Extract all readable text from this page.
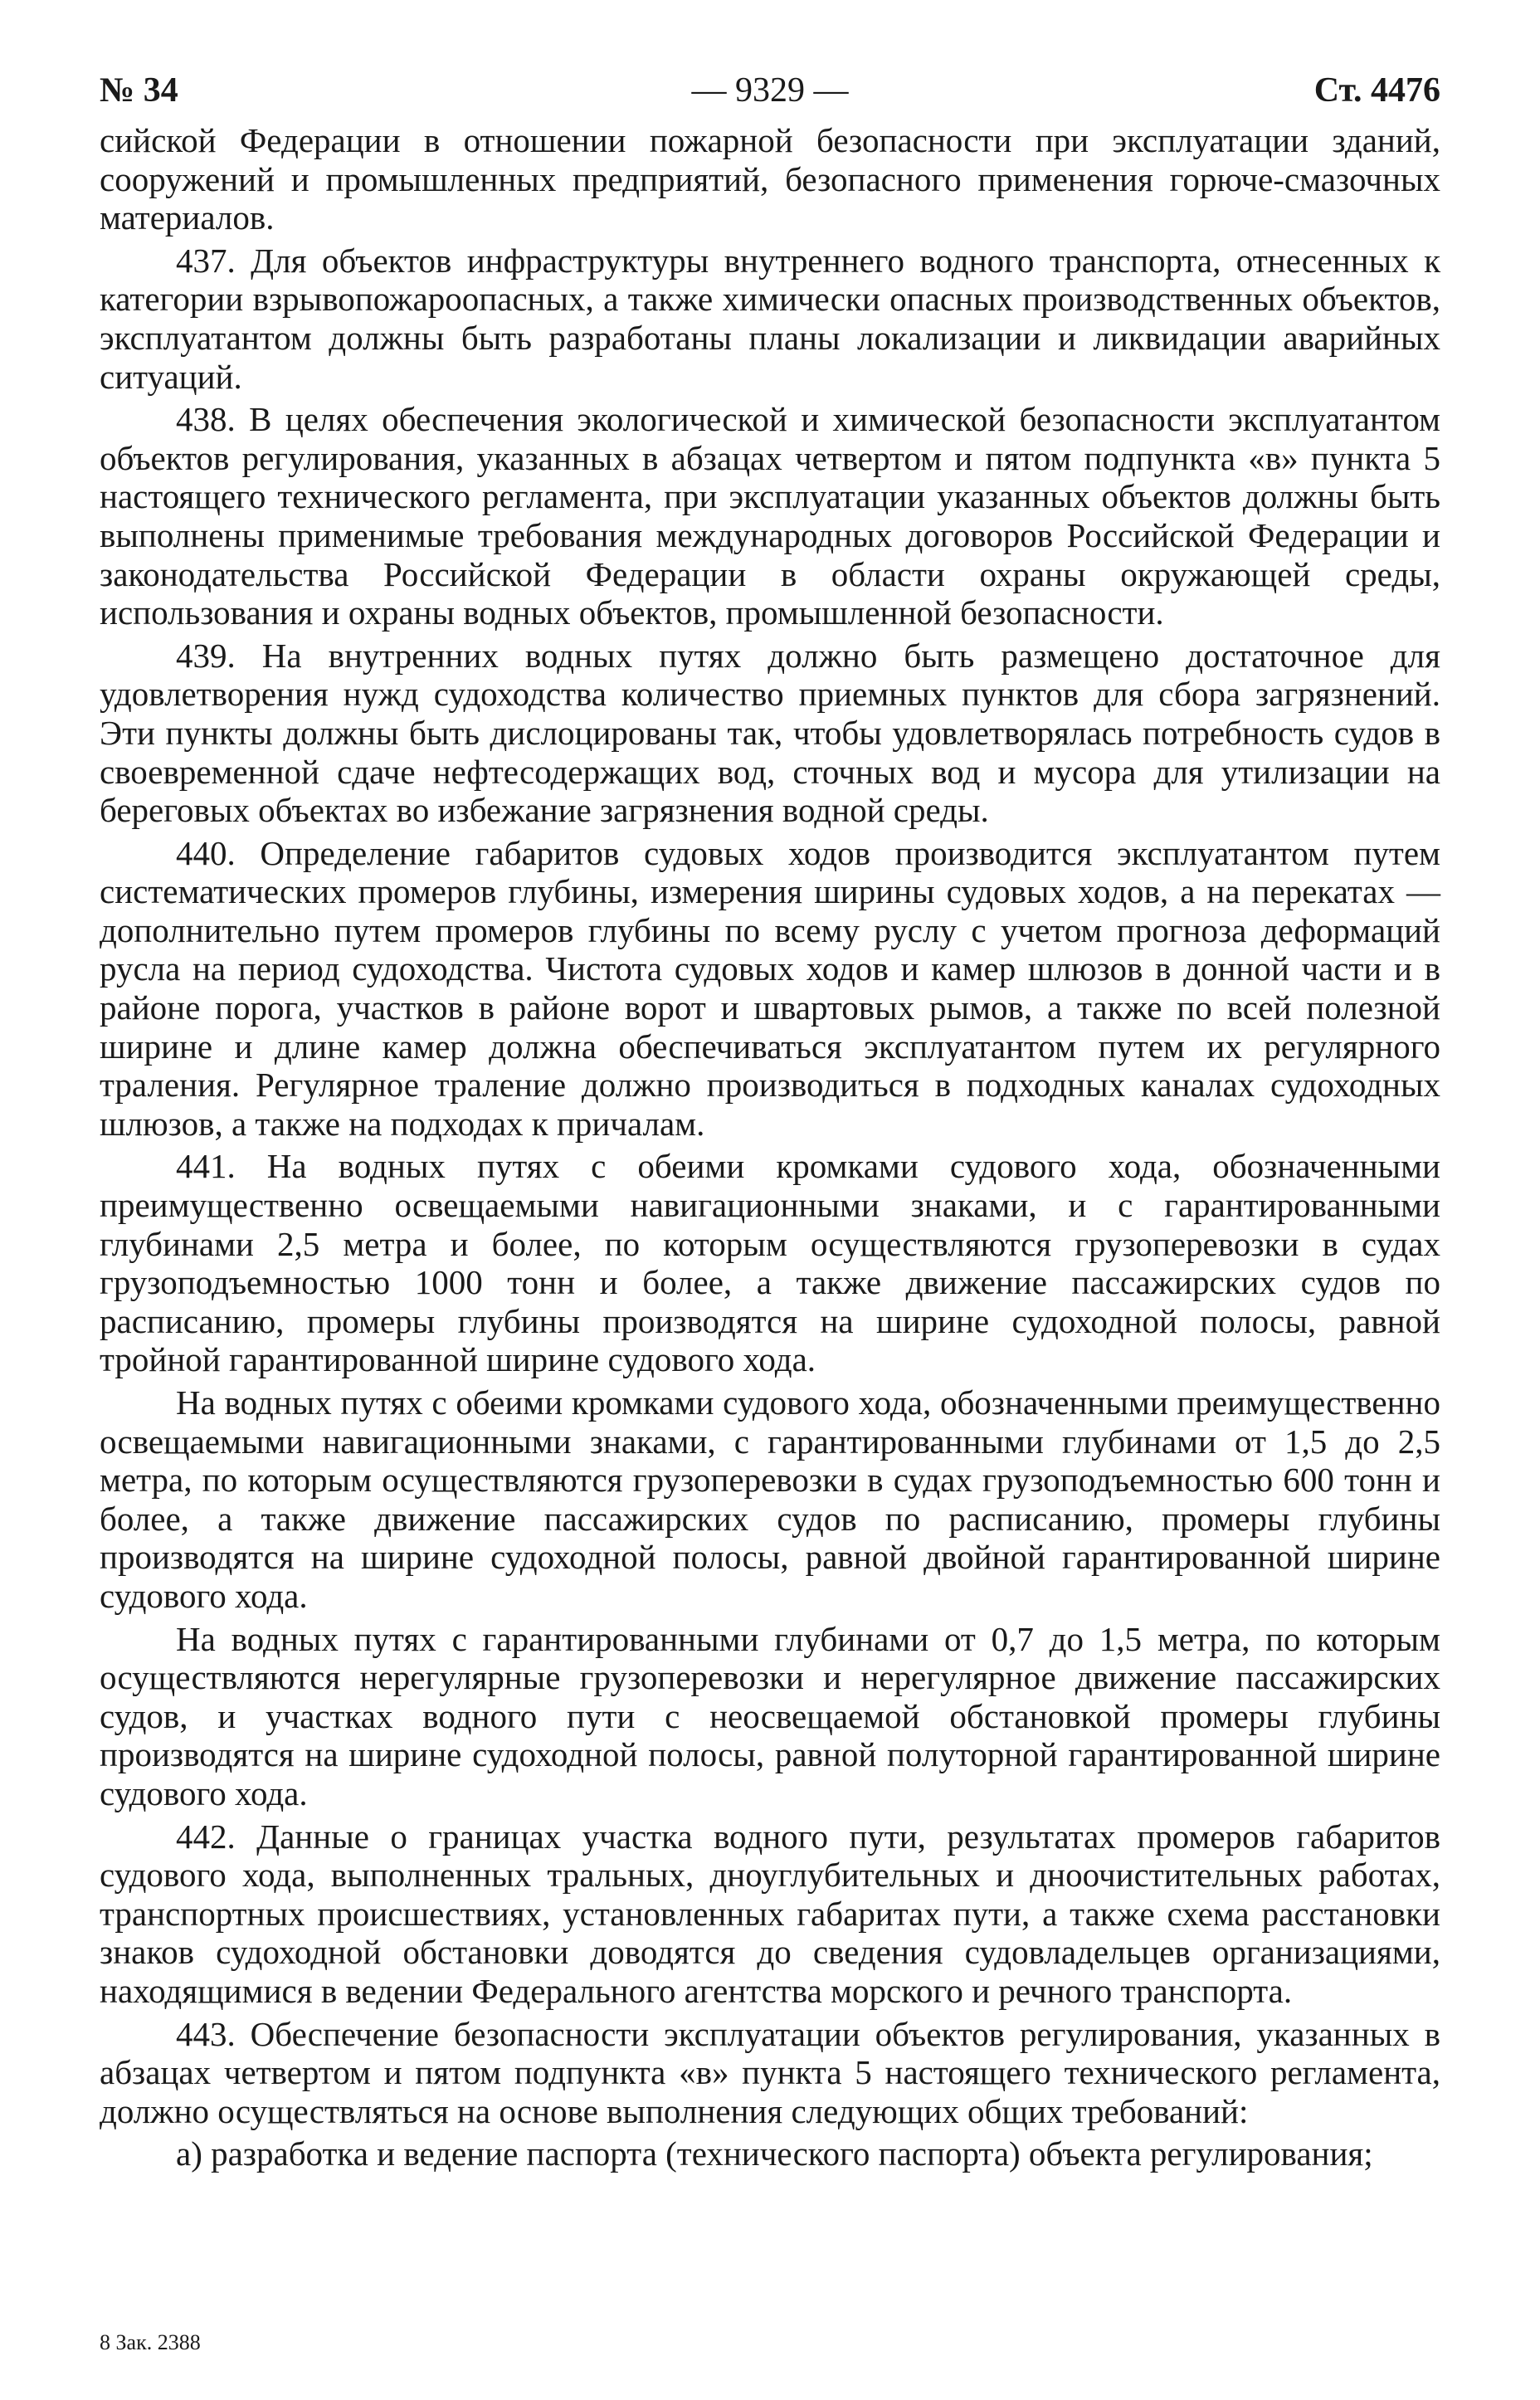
№ 34	— 9329 —	Ст. 4476

сийской Федерации в отношении пожарной безопасности при эксплуатации зданий, сооружений и промышленных предприятий, безопасного применения горюче-смазочных материалов.

437. Для объектов инфраструктуры внутреннего водного транспорта, отнесенных к категории взрывопожароопасных, а также химически опасных производственных объектов, эксплуатантом должны быть разработаны планы локализации и ликвидации аварийных ситуаций.

438. В целях обеспечения экологической и химической безопасности эксплуатантом объектов регулирования, указанных в абзацах четвертом и пятом подпункта «в» пункта 5 настоящего технического регламента, при эксплуатации указанных объектов должны быть выполнены применимые требования международных договоров Российской Федерации и законодательства Российской Федерации в области охраны окружающей среды, использования и охраны водных объектов, промышленной безопасности.

439. На внутренних водных путях должно быть размещено достаточное для удовлетворения нужд судоходства количество приемных пунктов для сбора загрязнений. Эти пункты должны быть дислоцированы так, чтобы удовлетворялась потребность судов в своевременной сдаче нефтесодержащих вод, сточных вод и мусора для утилизации на береговых объектах во избежание загрязнения водной среды.

440. Определение габаритов судовых ходов производится эксплуатантом путем систематических промеров глубины, измерения ширины судовых ходов, а на перекатах — дополнительно путем промеров глубины по всему руслу с учетом прогноза деформаций русла на период судоходства. Чистота судовых ходов и камер шлюзов в донной части и в районе порога, участков в районе ворот и швартовых рымов, а также по всей полезной ширине и длине камер должна обеспечиваться эксплуатантом путем их регулярного траления. Регулярное траление должно производиться в подходных каналах судоходных шлюзов, а также на подходах к причалам.

441. На водных путях с обеими кромками судового хода, обозначенными преимущественно освещаемыми навигационными знаками, и с гарантированными глубинами 2,5 метра и более, по которым осуществляются грузоперевозки в судах грузоподъемностью 1000 тонн и более, а также движение пассажирских судов по расписанию, промеры глубины производятся на ширине судоходной полосы, равной тройной гарантированной ширине судового хода.

На водных путях с обеими кромками судового хода, обозначенными преимущественно освещаемыми навигационными знаками, с гарантированными глубинами от 1,5 до 2,5 метра, по которым осуществляются грузоперевозки в судах грузоподъемностью 600 тонн и более, а также движение пассажирских судов по расписанию, промеры глубины производятся на ширине судоходной полосы, равной двойной гарантированной ширине судового хода.

На водных путях с гарантированными глубинами от 0,7 до 1,5 метра, по которым осуществляются нерегулярные грузоперевозки и нерегулярное движение пассажирских судов, и участках водного пути с неосвещаемой обстановкой промеры глубины производятся на ширине судоходной полосы, равной полуторной гарантированной ширине судового хода.

442. Данные о границах участка водного пути, результатах промеров габаритов судового хода, выполненных тральных, дноуглубительных и дноочистительных работах, транспортных происшествиях, установленных габаритах пути, а также схема расстановки знаков судоходной обстановки доводятся до сведения судовладельцев организациями, находящимися в ведении Федерального агентства морского и речного транспорта.

443. Обеспечение безопасности эксплуатации объектов регулирования, указанных в абзацах четвертом и пятом подпункта «в» пункта 5 настоящего технического регламента, должно осуществляться на основе выполнения следующих общих требований:

а) разработка и ведение паспорта (технического паспорта) объекта регулирования;

8 Зак. 2388
